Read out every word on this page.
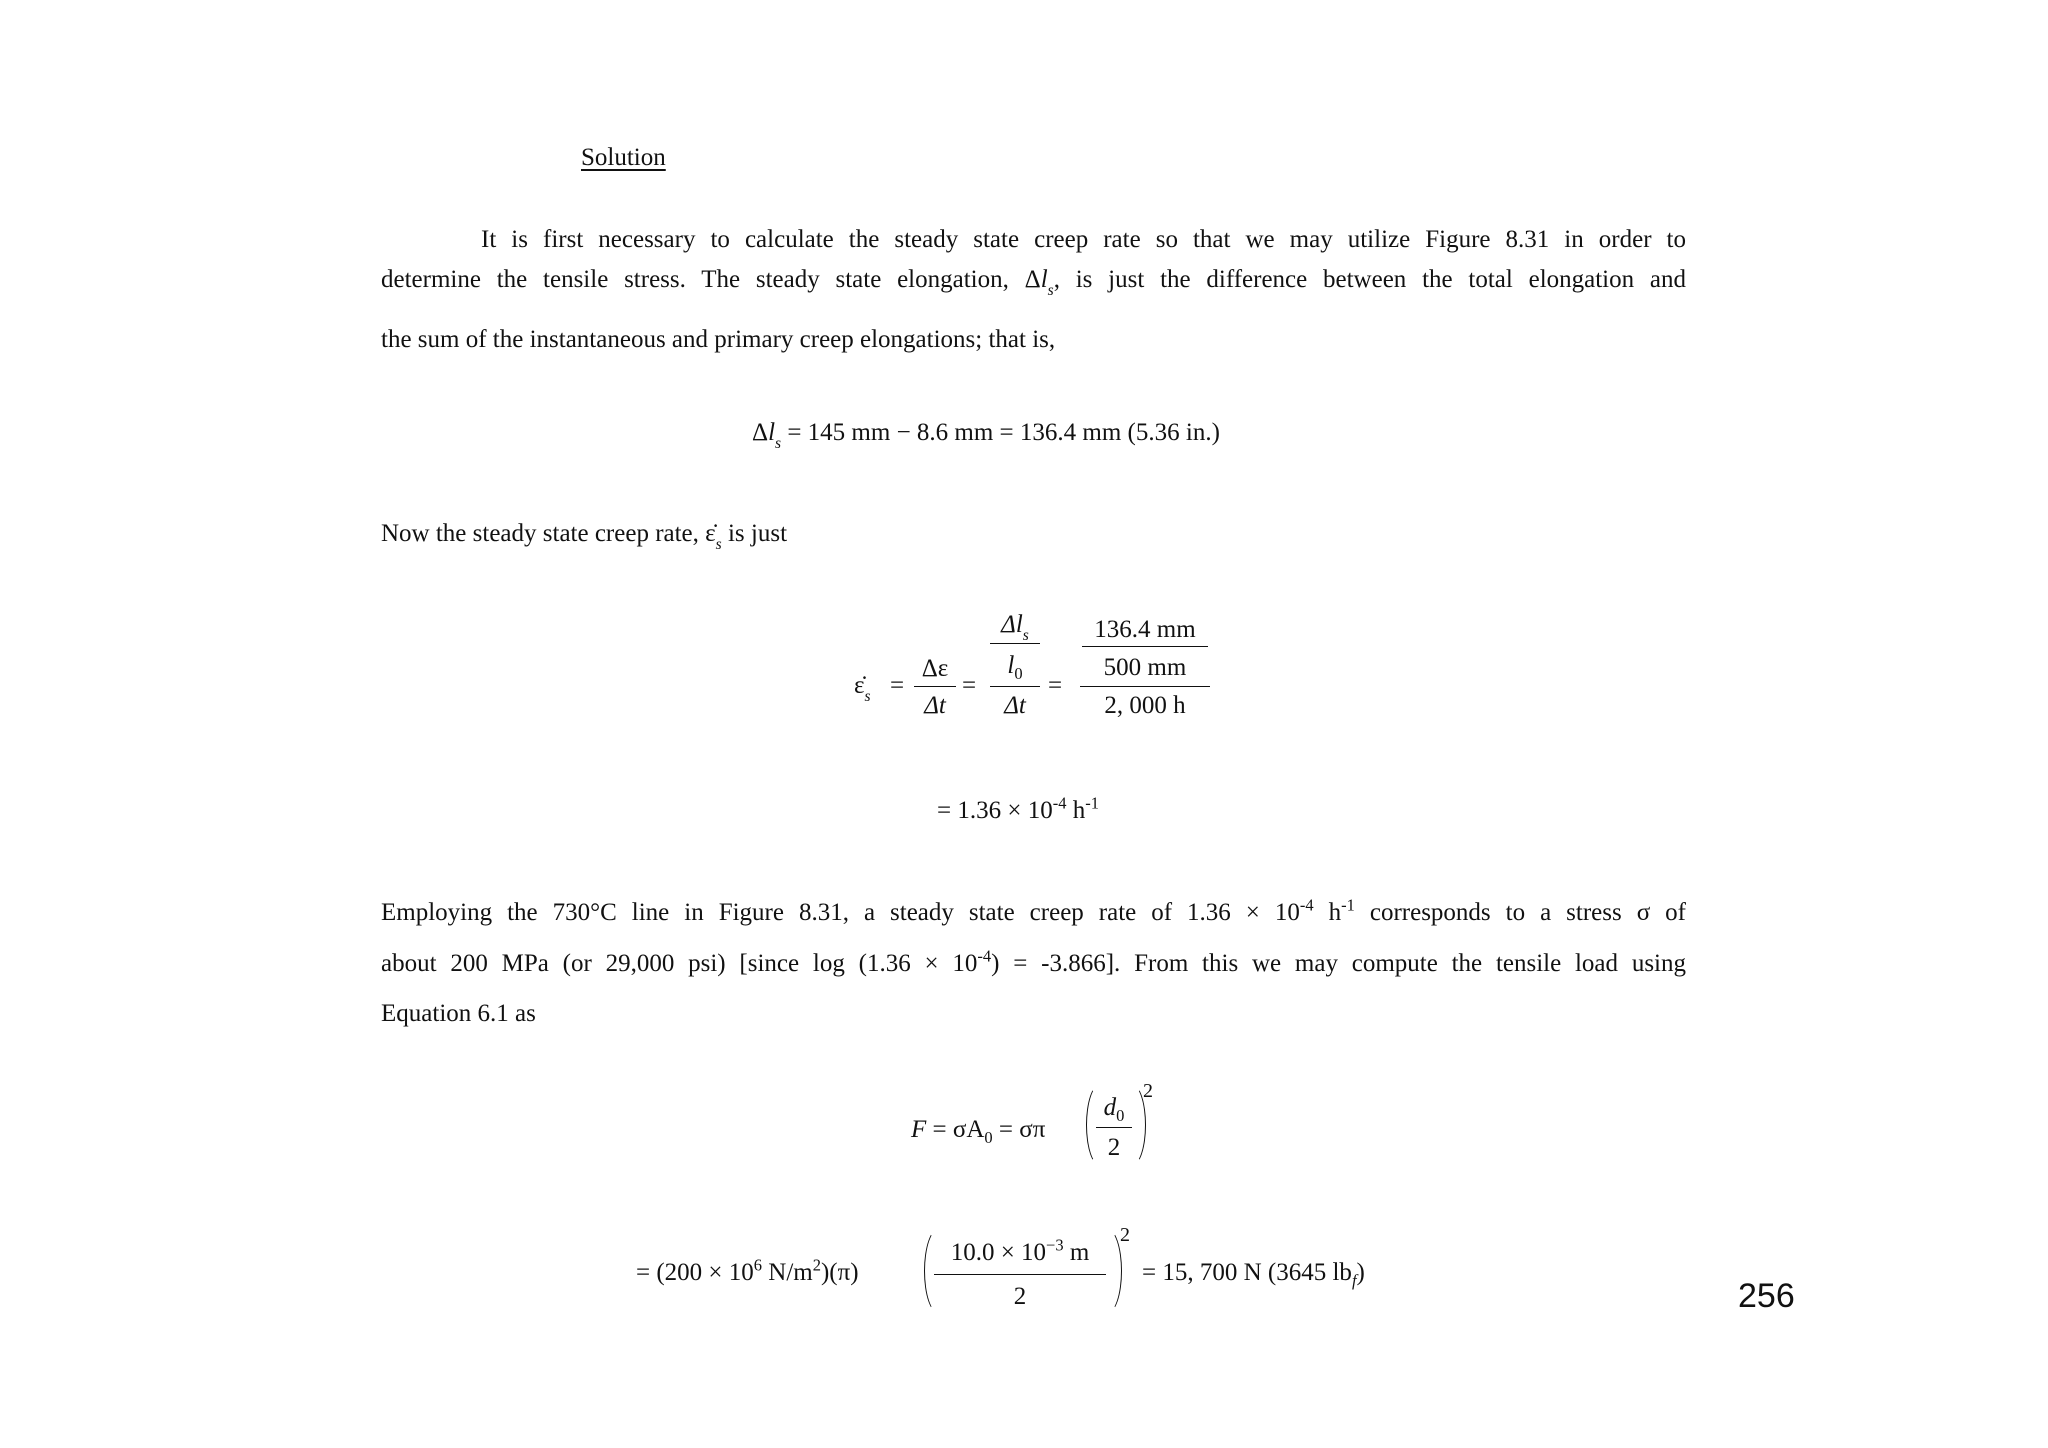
Solution
It is first necessary to calculate the steady state creep rate so that we may utilize Figure 8.31 in order to
determine the tensile stress. The steady state elongation, $\Delta l_s$, is just the difference between the total elongation and
the sum of the instantaneous and primary creep elongations; that is,
$\Delta l_s = 145$ mm − 8.6 mm = 136.4 mm (5.36 in.)
Now the steady state creep rate, $\varepsiloṅ_s$ is just
$\varepsiloṅ_s$ =
Δε
Δt
=
$\Delta l_s$
$l_0$
Δt
=
136.4 mm
500 mm
2, 000 h
= $1.36 \times 10^{-4}$ $h^{-1}$
Employing the 730°C line in Figure 8.31, a steady state creep rate of $1.36 \times 10^{-4}$ $h^{-1}$ corresponds to a stress σ of
about 200 MPa (or 29,000 psi) [since $\log (1.36 \times 10^{-4}) = -3.866$]. From this we may compute the tensile load using
Equation 6.1 as
$F = \sigma A_0 = \sigma\pi$
$d_0$
2
2
= ($200 \times 10^6$ $N/m^2)(\pi)$
$10.0 \times 10^{-3}$ m
2
2
= 15, 700 N (3645 $lb_f$)
256
